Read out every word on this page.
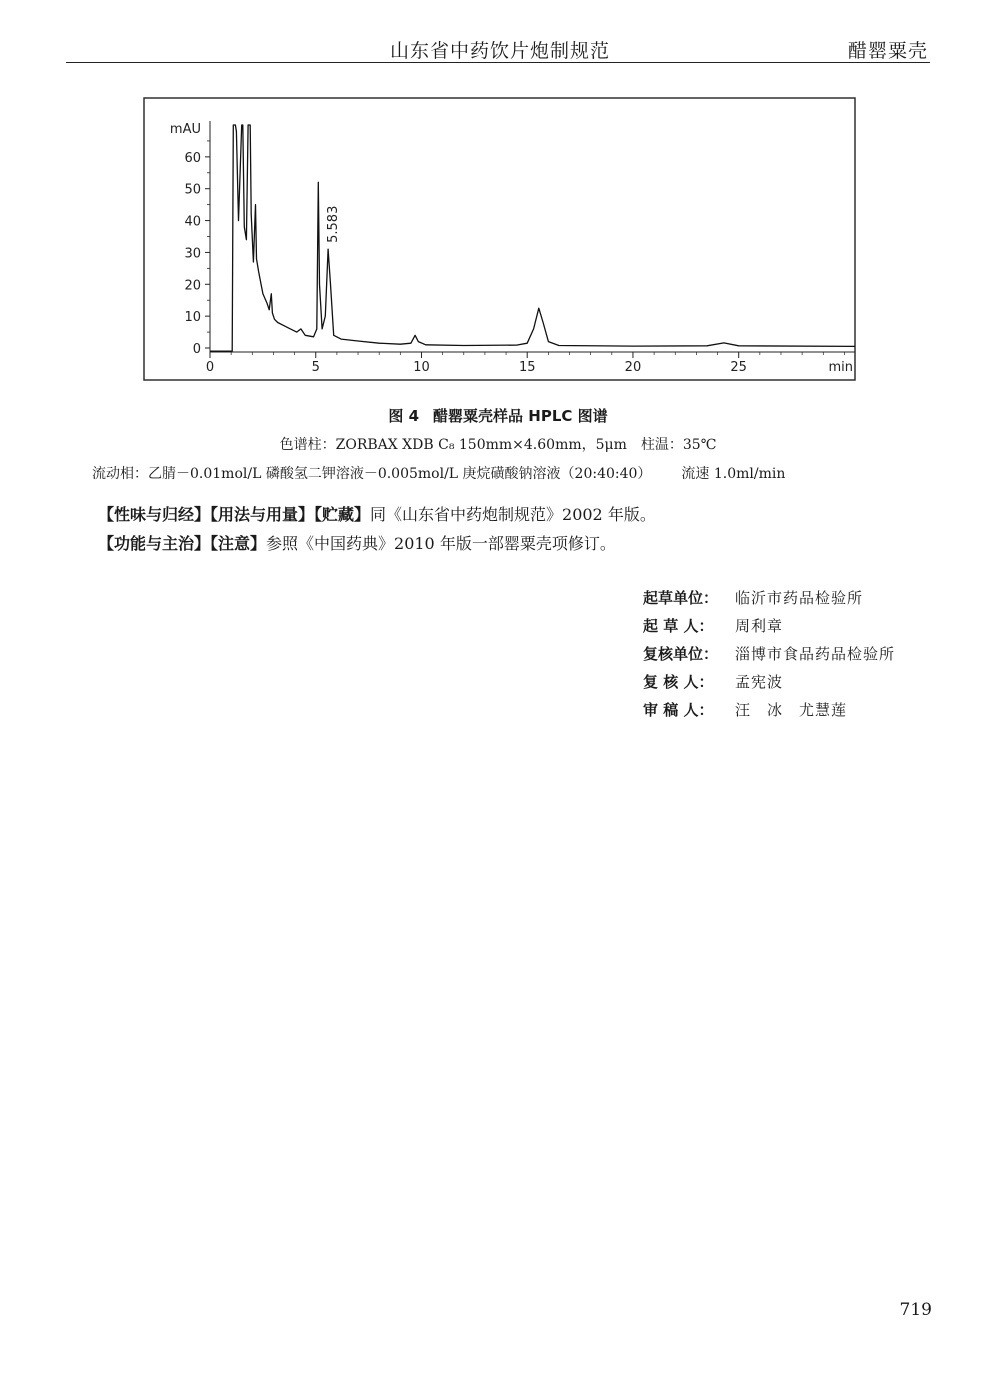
山东省中药饮片炮制规范	醋罂粟壳
0
10
20
30
40
50
60
mAU
0	5	10	15	20	25	min
5.583
图 4 醋罂粟壳样品 HPLC 图谱
色谱柱：ZORBAX XDB C₈ 150mm×4.60mm，5μm　柱温：35℃
流动相：乙腈－0.01mol/L 磷酸氢二钾溶液－0.005mol/L 庚烷磺酸钠溶液（20:40:40） 流速 1.0ml/min
【性味与归经】【用法与用量】【贮藏】同《山东省中药炮制规范》2002 年版。
【功能与主治】【注意】参照《中国药典》2010 年版一部罂粟壳项修订。
起草单位： 临沂市药品检验所
起 草 人： 周利章
复核单位： 淄博市食品药品检验所
复 核 人： 孟宪波
审 稿 人： 汪　冰　尤慧莲
719
